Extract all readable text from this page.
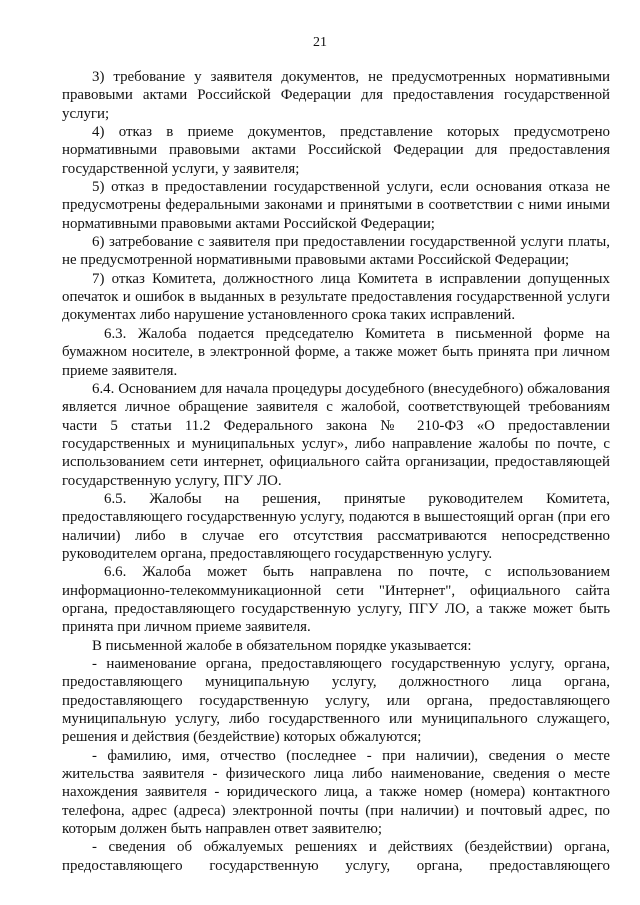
21

3) требование у заявителя документов, не предусмотренных нормативными правовыми актами Российской Федерации для предоставления государственной услуги;

4) отказ в приеме документов, представление которых предусмотрено нормативными правовыми актами Российской Федерации для предоставления государственной услуги, у заявителя;

5) отказ в предоставлении государственной услуги, если основания отказа не предусмотрены федеральными законами и принятыми в соответствии с ними иными нормативными правовыми актами Российской Федерации;

6) затребование с заявителя при предоставлении государственной услуги платы, не предусмотренной нормативными правовыми актами Российской Федерации;

7) отказ Комитета, должностного лица Комитета в исправлении допущенных опечаток и ошибок в выданных в результате предоставления государственной услуги документах либо нарушение установленного срока таких исправлений.

6.3. Жалоба подается председателю Комитета в письменной форме на бумажном носителе, в электронной форме, а также может быть принята при личном приеме заявителя.

6.4. Основанием для начала процедуры досудебного (внесудебного) обжалования является личное обращение заявителя с жалобой, соответствующей требованиям части 5 статьи 11.2 Федерального закона № 210-ФЗ «О предоставлении государственных и муниципальных услуг», либо направление жалобы по почте, с использованием сети интернет, официального сайта организации, предоставляющей государственную услугу, ПГУ ЛО.

6.5. Жалобы на решения, принятые руководителем Комитета, предоставляющего государственную услугу, подаются в вышестоящий орган (при его наличии) либо в случае его отсутствия рассматриваются непосредственно руководителем органа, предоставляющего государственную услугу.

6.6. Жалоба может быть направлена по почте, с использованием информационно-телекоммуникационной сети "Интернет", официального сайта органа, предоставляющего государственную услугу, ПГУ ЛО, а также может быть принята при личном приеме заявителя.

В письменной жалобе в обязательном порядке указывается:

- наименование органа, предоставляющего государственную услугу, органа, предоставляющего муниципальную услугу, должностного лица органа, предоставляющего государственную услугу, или органа, предоставляющего муниципальную услугу, либо государственного или муниципального служащего, решения и действия (бездействие) которых обжалуются;

- фамилию, имя, отчество (последнее - при наличии), сведения о месте жительства заявителя - физического лица либо наименование, сведения о месте нахождения заявителя - юридического лица, а также номер (номера) контактного телефона, адрес (адреса) электронной почты (при наличии) и почтовый адрес, по которым должен быть направлен ответ заявителю;

- сведения об обжалуемых решениях и действиях (бездействии) органа, предоставляющего государственную услугу, органа, предоставляющего
